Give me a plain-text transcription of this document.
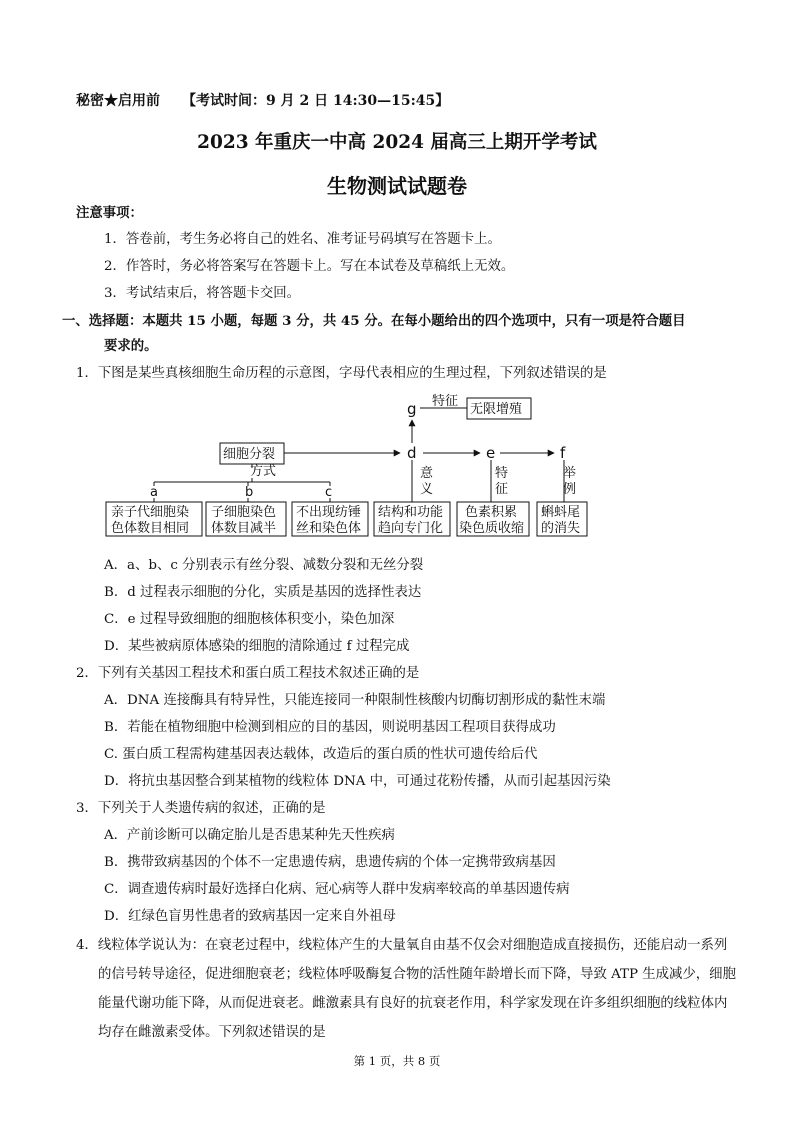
秘密★启用前 【考试时间：9 月 2 日 14:30—15:45】
2023 年重庆一中高 2024 届高三上期开学考试
生物测试试题卷
注意事项：
1．答卷前，考生务必将自己的姓名、准考证号码填写在答题卡上。
2．作答时，务必将答案写在答题卡上。写在本试卷及草稿纸上无效。
3．考试结束后，将答题卡交回。
一、选择题：本题共 15 小题，每题 3 分，共 45 分。在每小题给出的四个选项中，只有一项是符合题目
要求的。
1．下图是某些真核细胞生命历程的示意图，字母代表相应的生理过程，下列叙述错误的是
g 特征
无限增殖
细胞分裂
方式
a	b	c
d	e	f
意
义
特
征
举
例
亲子代细胞染
色体数目相同
子细胞染色
体数目减半
不出现纺锤
丝和染色体
结构和功能
趋向专门化
色素积累
染色质收缩
蝌蚪尾
的消失
A．a、b、c 分别表示有丝分裂、减数分裂和无丝分裂
B．d 过程表示细胞的分化，实质是基因的选择性表达
C．e 过程导致细胞的细胞核体积变小，染色加深
D．某些被病原体感染的细胞的清除通过 f 过程完成
2．下列有关基因工程技术和蛋白质工程技术叙述正确的是
A．DNA 连接酶具有特异性，只能连接同一种限制性核酸内切酶切割形成的黏性末端
B．若能在植物细胞中检测到相应的目的基因，则说明基因工程项目获得成功
C. 蛋白质工程需构建基因表达载体，改造后的蛋白质的性状可遗传给后代
D．将抗虫基因整合到某植物的线粒体 DNA 中，可通过花粉传播，从而引起基因污染
3．下列关于人类遗传病的叙述，正确的是
A．产前诊断可以确定胎儿是否患某种先天性疾病
B．携带致病基因的个体不一定患遗传病，患遗传病的个体一定携带致病基因
C．调查遗传病时最好选择白化病、冠心病等人群中发病率较高的单基因遗传病
D．红绿色盲男性患者的致病基因一定来自外祖母
4．线粒体学说认为：在衰老过程中，线粒体产生的大量氧自由基不仅会对细胞造成直接损伤，还能启动一系列的信号转导途径，促进细胞衰老；线粒体呼吸酶复合物的活性随年龄增长而下降，导致 ATP 生成减少，细胞能量代谢功能下降，从而促进衰老。雌激素具有良好的抗衰老作用，科学家发现在许多组织细胞的线粒体内均存在雌激素受体。下列叙述错误的是
第 1 页，共 8 页
